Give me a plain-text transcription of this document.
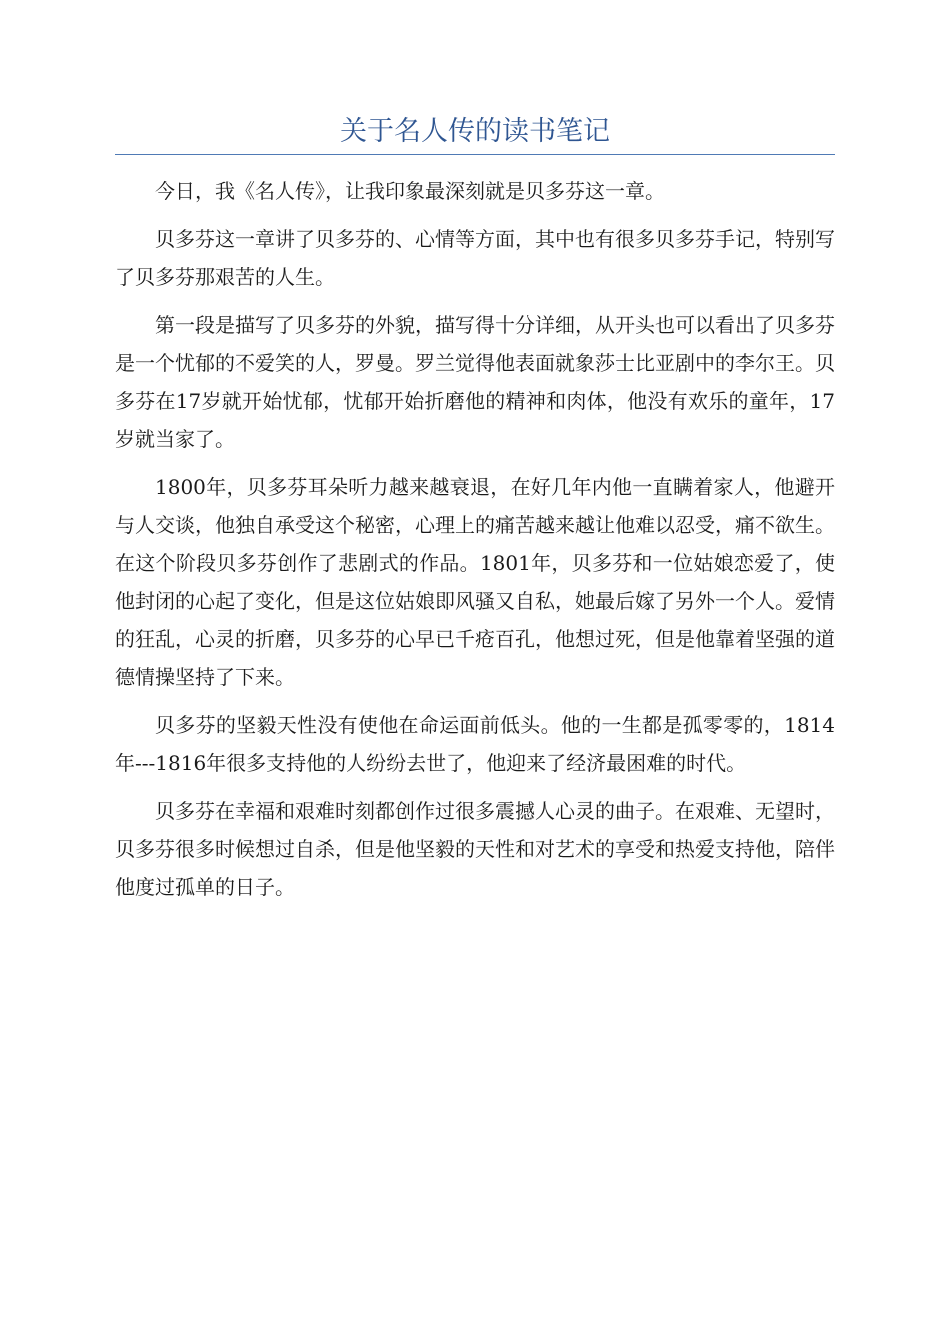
关于名人传的读书笔记

今日，我《名人传》，让我印象最深刻就是贝多芬这一章。

贝多芬这一章讲了贝多芬的、心情等方面，其中也有很多贝多芬手记，特别写了贝多芬那艰苦的人生。

第一段是描写了贝多芬的外貌，描写得十分详细，从开头也可以看出了贝多芬是一个忧郁的不爱笑的人，罗曼。罗兰觉得他表面就象莎士比亚剧中的李尔王。贝多芬在17岁就开始忧郁，忧郁开始折磨他的精神和肉体，他没有欢乐的童年，17岁就当家了。

1800年，贝多芬耳朵听力越来越衰退，在好几年内他一直瞒着家人，他避开与人交谈，他独自承受这个秘密，心理上的痛苦越来越让他难以忍受，痛不欲生。在这个阶段贝多芬创作了悲剧式的作品。1801年，贝多芬和一位姑娘恋爱了，使他封闭的心起了变化，但是这位姑娘即风骚又自私，她最后嫁了另外一个人。爱情的狂乱，心灵的折磨，贝多芬的心早已千疮百孔，他想过死，但是他靠着坚强的道德情操坚持了下来。

贝多芬的坚毅天性没有使他在命运面前低头。他的一生都是孤零零的，1814年---1816年很多支持他的人纷纷去世了，他迎来了经济最困难的时代。

贝多芬在幸福和艰难时刻都创作过很多震撼人心灵的曲子。在艰难、无望时，贝多芬很多时候想过自杀，但是他坚毅的天性和对艺术的享受和热爱支持他，陪伴他度过孤单的日子。
